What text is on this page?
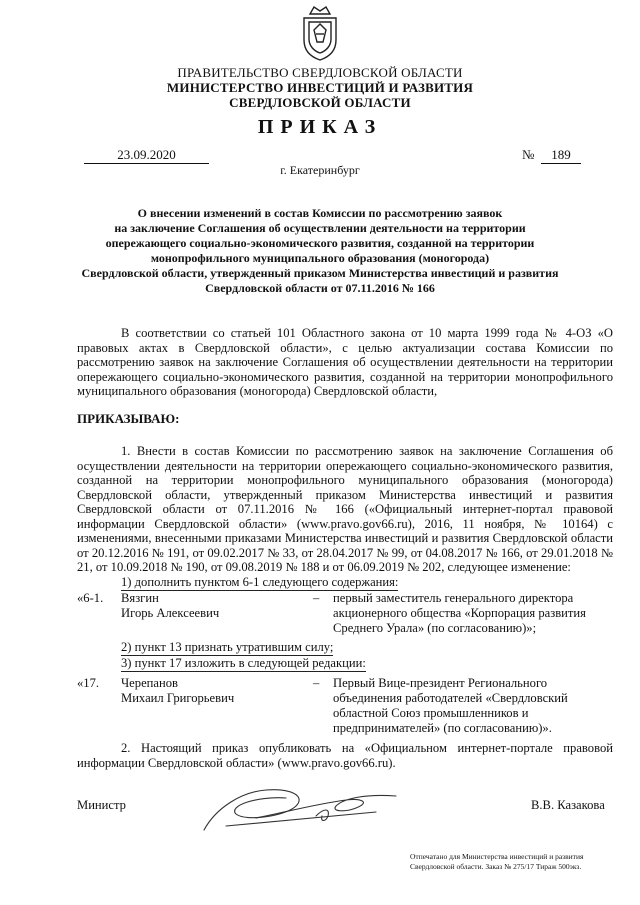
ПРАВИТЕЛЬСТВО СВЕРДЛОВСКОЙ ОБЛАСТИ
МИНИСТЕРСТВО ИНВЕСТИЦИЙ И РАЗВИТИЯ
СВЕРДЛОВСКОЙ ОБЛАСТИ
ПРИКАЗ
23.09.2020	№	189
г. Екатеринбург
О внесении изменений в состав Комиссии по рассмотрению заявок
на заключение Соглашения об осуществлении деятельности на территории
опережающего социально-экономического развития, созданной на территории
монопрофильного муниципального образования (моногорода)
Свердловской области, утвержденный приказом Министерства инвестиций и развития
Свердловской области от 07.11.2016 № 166
В соответствии со статьей 101 Областного закона от 10 марта 1999 года № 4-ОЗ «О правовых актах в Свердловской области», с целью актуализации состава Комиссии по рассмотрению заявок на заключение Соглашения об осуществлении деятельности на территории опережающего социально-экономического развития, созданной на территории монопрофильного муниципального образования (моногорода) Свердловской области,
ПРИКАЗЫВАЮ:
1. Внести в состав Комиссии по рассмотрению заявок на заключение Соглашения об осуществлении деятельности на территории опережающего социально-экономического развития, созданной на территории монопрофильного муниципального образования (моногорода) Свердловской области, утвержденный приказом Министерства инвестиций и развития Свердловской области от 07.11.2016 № 166 («Официальный интернет-портал правовой информации Свердловской области» (www.pravo.gov66.ru), 2016, 11 ноября, № 10164) с изменениями, внесенными приказами Министерства инвестиций и развития Свердловской области от 20.12.2016 № 191, от 09.02.2017 № 33, от 28.04.2017 № 99, от 04.08.2017 № 166, от 29.01.2018 № 21, от 10.09.2018 № 190, от 09.08.2019 № 188 и от 06.09.2019 № 202, следующее изменение:
1) дополнить пунктом 6-1 следующего содержания:
«6-1. Вязгин
Игорь Алексеевич
– первый заместитель генерального директора
акционерного общества «Корпорация развития
Среднего Урала» (по согласованию)»;
2) пункт 13 признать утратившим силу;
3) пункт 17 изложить в следующей редакции:
«17. Черепанов
Михаил Григорьевич
– Первый Вице-президент Регионального
объединения работодателей «Свердловский
областной Союз промышленников и
предпринимателей» (по согласованию)».
2. Настоящий приказ опубликовать на «Официальном интернет-портале правовой информации Свердловской области» (www.pravo.gov66.ru).
Министр	В.В. Казакова
Отпечатано для Министерства инвестиций и развития
Свердловской области. Заказ № 275/17 Тираж 500экз.
